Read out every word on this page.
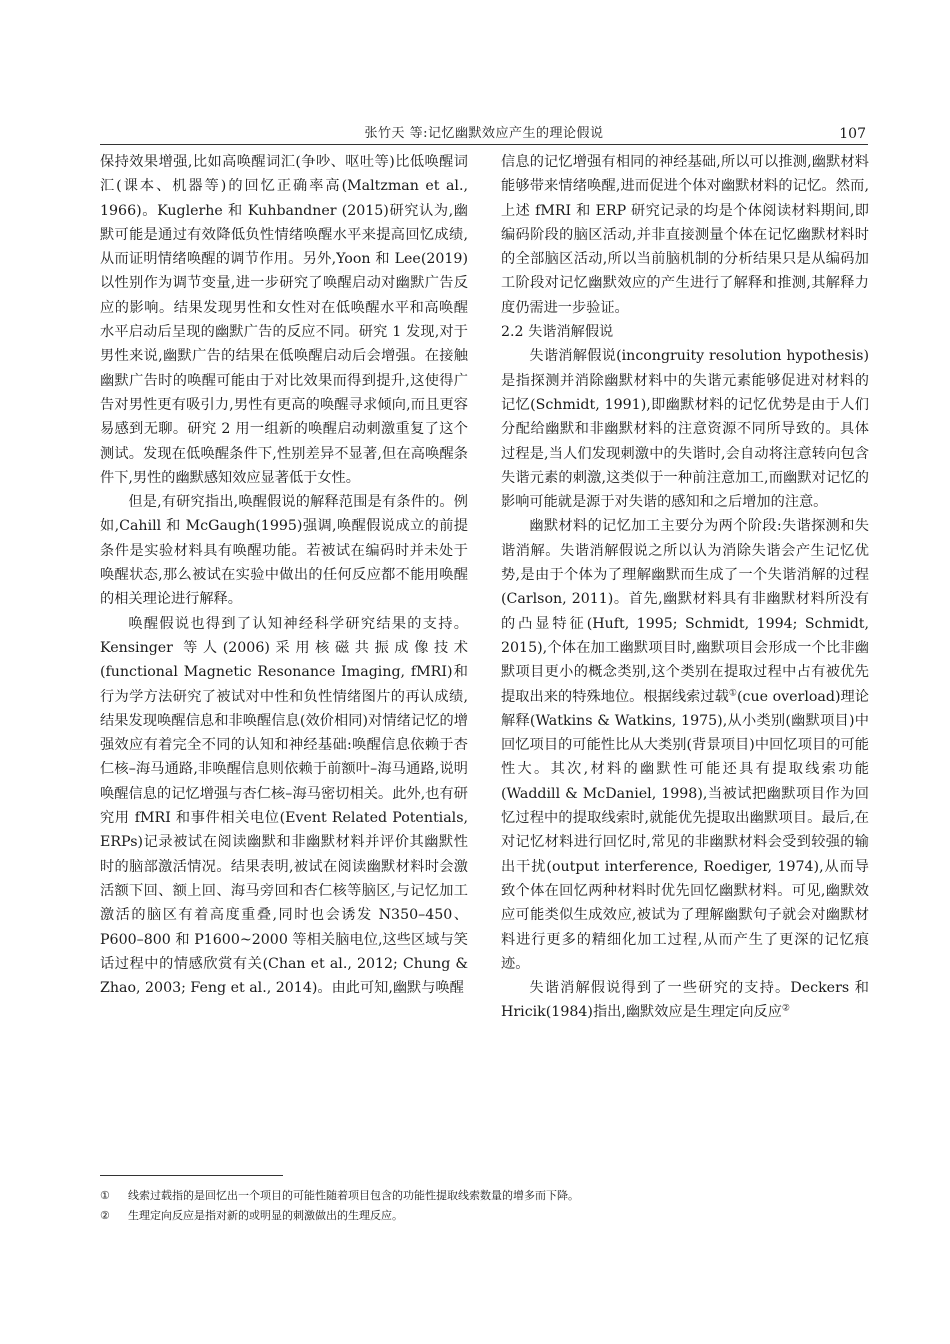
张竹天 等:记忆幽默效应产生的理论假说	107

保持效果增强,比如高唤醒词汇(争吵、呕吐等)比低唤醒词汇(课本、机器等)的回忆正确率高(Maltzman et al., 1966)。Kuglerhe 和 Kuhbandner (2015)研究认为,幽默可能是通过有效降低负性情绪唤醒水平来提高回忆成绩,从而证明情绪唤醒的调节作用。另外,Yoon 和 Lee(2019)以性别作为调节变量,进一步研究了唤醒启动对幽默广告反应的影响。结果发现男性和女性对在低唤醒水平和高唤醒水平启动后呈现的幽默广告的反应不同。研究 1 发现,对于男性来说,幽默广告的结果在低唤醒启动后会增强。在接触幽默广告时的唤醒可能由于对比效果而得到提升,这使得广告对男性更有吸引力,男性有更高的唤醒寻求倾向,而且更容易感到无聊。研究 2 用一组新的唤醒启动刺激重复了这个测试。发现在低唤醒条件下,性别差异不显著,但在高唤醒条件下,男性的幽默感知效应显著低于女性。

但是,有研究指出,唤醒假说的解释范围是有条件的。例如,Cahill 和 McGaugh(1995)强调,唤醒假说成立的前提条件是实验材料具有唤醒功能。若被试在编码时并未处于唤醒状态,那么被试在实验中做出的任何反应都不能用唤醒的相关理论进行解释。

唤醒假说也得到了认知神经科学研究结果的支持。Kensinger 等人(2006)采用核磁共振成像技术(functional Magnetic Resonance Imaging, fMRI)和行为学方法研究了被试对中性和负性情绪图片的再认成绩,结果发现唤醒信息和非唤醒信息(效价相同)对情绪记忆的增强效应有着完全不同的认知和神经基础:唤醒信息依赖于杏仁核–海马通路,非唤醒信息则依赖于前额叶–海马通路,说明唤醒信息的记忆增强与杏仁核–海马密切相关。此外,也有研究用 fMRI 和事件相关电位(Event Related Potentials, ERPs)记录被试在阅读幽默和非幽默材料并评价其幽默性时的脑部激活情况。结果表明,被试在阅读幽默材料时会激活额下回、额上回、海马旁回和杏仁核等脑区,与记忆加工激活的脑区有着高度重叠,同时也会诱发 N350–450、P600–800 和 P1600~2000 等相关脑电位,这些区域与笑话过程中的情感欣赏有关(Chan et al., 2012; Chung & Zhao, 2003; Feng et al., 2014)。由此可知,幽默与唤醒

信息的记忆增强有相同的神经基础,所以可以推测,幽默材料能够带来情绪唤醒,进而促进个体对幽默材料的记忆。然而,上述 fMRI 和 ERP 研究记录的均是个体阅读材料期间,即编码阶段的脑区活动,并非直接测量个体在记忆幽默材料时的全部脑区活动,所以当前脑机制的分析结果只是从编码加工阶段对记忆幽默效应的产生进行了解释和推测,其解释力度仍需进一步验证。

2.2 失谐消解假说

失谐消解假说(incongruity resolution hypothesis)是指探测并消除幽默材料中的失谐元素能够促进对材料的记忆(Schmidt, 1991),即幽默材料的记忆优势是由于人们分配给幽默和非幽默材料的注意资源不同所导致的。具体过程是,当人们发现刺激中的失谐时,会自动将注意转向包含失谐元素的刺激,这类似于一种前注意加工,而幽默对记忆的影响可能就是源于对失谐的感知和之后增加的注意。

幽默材料的记忆加工主要分为两个阶段:失谐探测和失谐消解。失谐消解假说之所以认为消除失谐会产生记忆优势,是由于个体为了理解幽默而生成了一个失谐消解的过程(Carlson, 2011)。首先,幽默材料具有非幽默材料所没有的凸显特征(Huft, 1995; Schmidt, 1994; Schmidt, 2015),个体在加工幽默项目时,幽默项目会形成一个比非幽默项目更小的概念类别,这个类别在提取过程中占有被优先提取出来的特殊地位。根据线索过载①(cue overload)理论解释(Watkins & Watkins, 1975),从小类别(幽默项目)中回忆项目的可能性比从大类别(背景项目)中回忆项目的可能性大。其次,材料的幽默性可能还具有提取线索功能(Waddill & McDaniel, 1998),当被试把幽默项目作为回忆过程中的提取线索时,就能优先提取出幽默项目。最后,在对记忆材料进行回忆时,常见的非幽默材料会受到较强的输出干扰(output interference, Roediger, 1974),从而导致个体在回忆两种材料时优先回忆幽默材料。可见,幽默效应可能类似生成效应,被试为了理解幽默句子就会对幽默材料进行更多的精细化加工过程,从而产生了更深的记忆痕迹。

失谐消解假说得到了一些研究的支持。Deckers 和 Hricik(1984)指出,幽默效应是生理定向反应②

① 线索过载指的是回忆出一个项目的可能性随着项目包含的功能性提取线索数量的增多而下降。

② 生理定向反应是指对新的或明显的刺激做出的生理反应。
